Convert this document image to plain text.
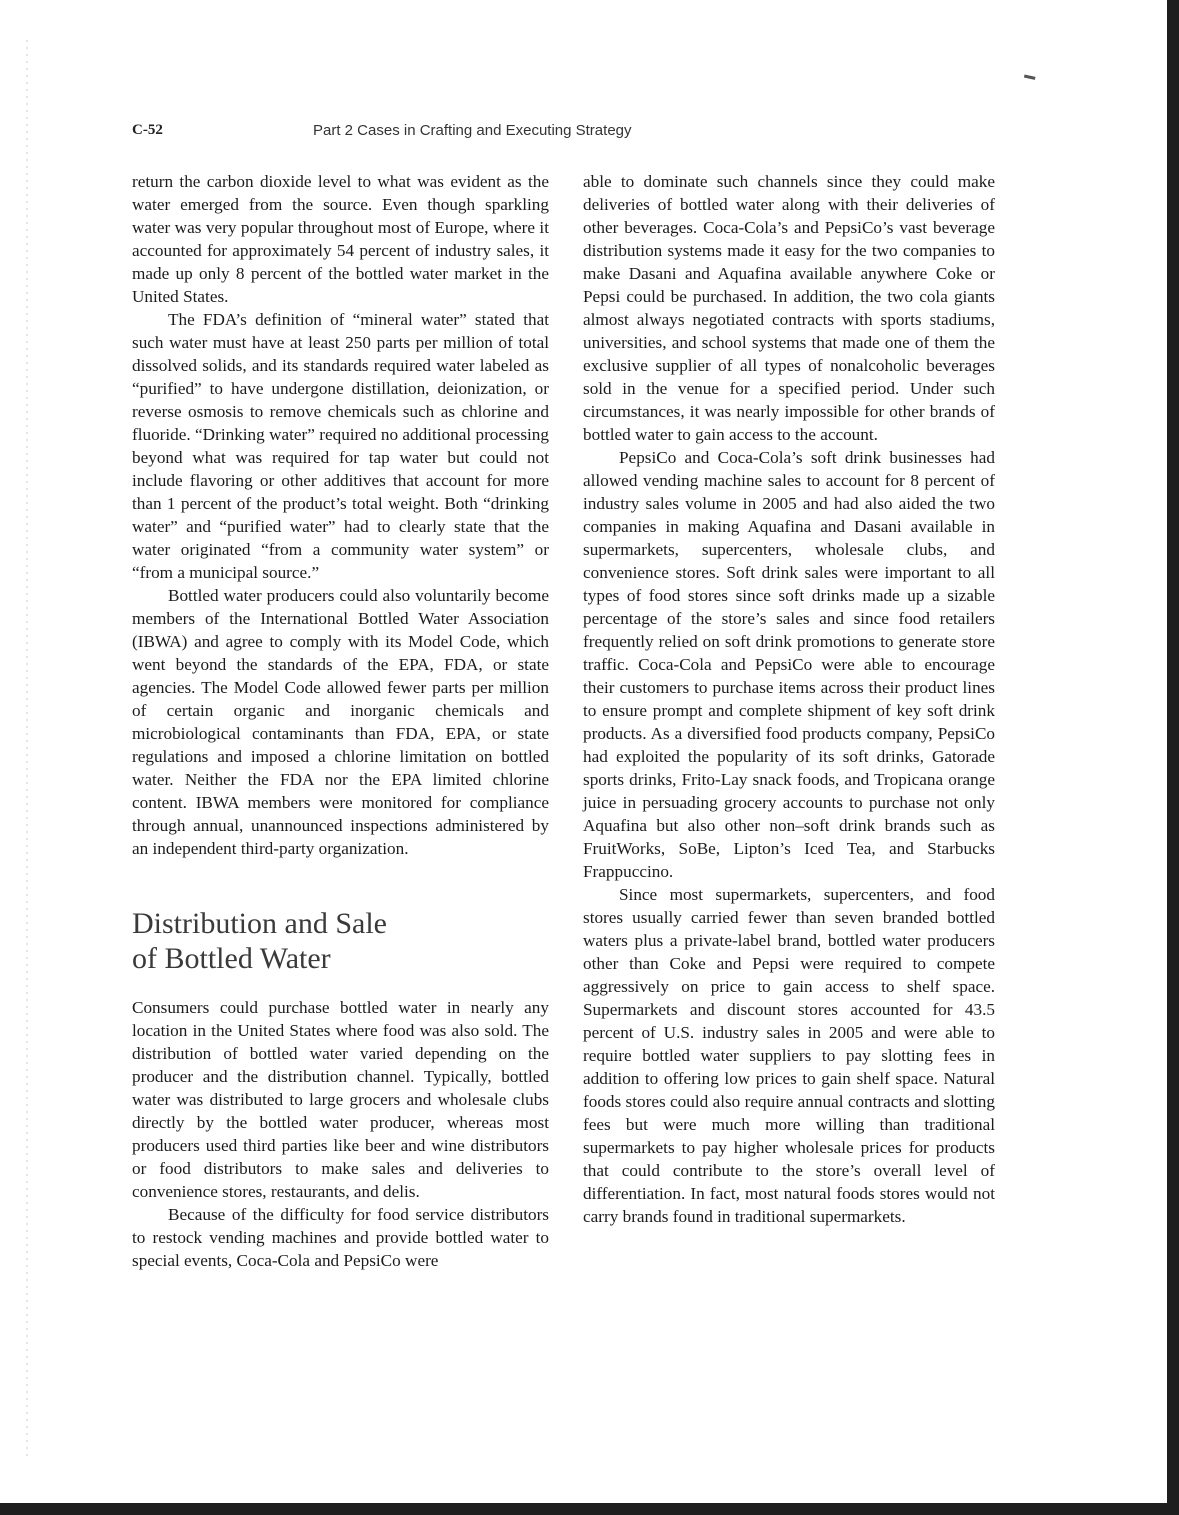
━
C-52	Part 2 Cases in Crafting and Executing Strategy

return the carbon dioxide level to what was evident as the water emerged from the source. Even though sparkling water was very popular throughout most of Europe, where it accounted for approximately 54 percent of industry sales, it made up only 8 percent of the bottled water market in the United States.

The FDA’s definition of “mineral water” stated that such water must have at least 250 parts per million of total dissolved solids, and its standards required water labeled as “purified” to have undergone distillation, deionization, or reverse osmosis to remove chemicals such as chlorine and fluoride. “Drinking water” required no additional processing beyond what was required for tap water but could not include flavoring or other additives that account for more than 1 percent of the product’s total weight. Both “drinking water” and “purified water” had to clearly state that the water originated “from a community water system” or “from a municipal source.”

Bottled water producers could also voluntarily become members of the International Bottled Water Association (IBWA) and agree to comply with its Model Code, which went beyond the standards of the EPA, FDA, or state agencies. The Model Code allowed fewer parts per million of certain organic and inorganic chemicals and microbiological contaminants than FDA, EPA, or state regulations and imposed a chlorine limitation on bottled water. Neither the FDA nor the EPA limited chlorine content. IBWA members were monitored for compliance through annual, unannounced inspections administered by an independent third-party organization.

Distribution and Sale
of Bottled Water

Consumers could purchase bottled water in nearly any location in the United States where food was also sold. The distribution of bottled water varied depending on the producer and the distribution channel. Typically, bottled water was distributed to large grocers and wholesale clubs directly by the bottled water producer, whereas most producers used third parties like beer and wine distributors or food distributors to make sales and deliveries to convenience stores, restaurants, and delis.

Because of the difficulty for food service distributors to restock vending machines and provide bottled water to special events, Coca-Cola and PepsiCo were

able to dominate such channels since they could make deliveries of bottled water along with their deliveries of other beverages. Coca-Cola’s and PepsiCo’s vast beverage distribution systems made it easy for the two companies to make Dasani and Aquafina available anywhere Coke or Pepsi could be purchased. In addition, the two cola giants almost always negotiated contracts with sports stadiums, universities, and school systems that made one of them the exclusive supplier of all types of nonalcoholic beverages sold in the venue for a specified period. Under such circumstances, it was nearly impossible for other brands of bottled water to gain access to the account.

PepsiCo and Coca-Cola’s soft drink businesses had allowed vending machine sales to account for 8 percent of industry sales volume in 2005 and had also aided the two companies in making Aquafina and Dasani available in supermarkets, supercenters, wholesale clubs, and convenience stores. Soft drink sales were important to all types of food stores since soft drinks made up a sizable percentage of the store’s sales and since food retailers frequently relied on soft drink promotions to generate store traffic. Coca-Cola and PepsiCo were able to encourage their customers to purchase items across their product lines to ensure prompt and complete shipment of key soft drink products. As a diversified food products company, PepsiCo had exploited the popularity of its soft drinks, Gatorade sports drinks, Frito-Lay snack foods, and Tropicana orange juice in persuading grocery accounts to purchase not only Aquafina but also other non–soft drink brands such as FruitWorks, SoBe, Lipton’s Iced Tea, and Starbucks Frappuccino.

Since most supermarkets, supercenters, and food stores usually carried fewer than seven branded bottled waters plus a private-label brand, bottled water producers other than Coke and Pepsi were required to compete aggressively on price to gain access to shelf space. Supermarkets and discount stores accounted for 43.5 percent of U.S. industry sales in 2005 and were able to require bottled water suppliers to pay slotting fees in addition to offering low prices to gain shelf space. Natural foods stores could also require annual contracts and slotting fees but were much more willing than traditional supermarkets to pay higher wholesale prices for products that could contribute to the store’s overall level of differentiation. In fact, most natural foods stores would not carry brands found in traditional supermarkets.
